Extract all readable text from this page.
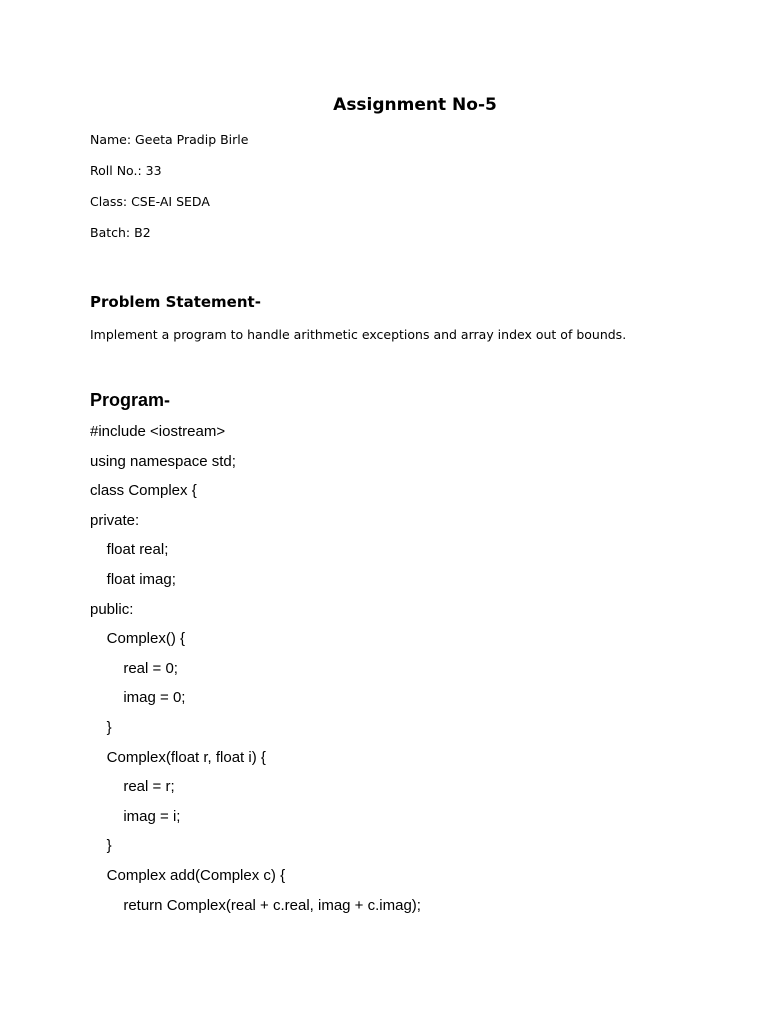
Assignment No-5
Name: Geeta Pradip Birle
Roll No.: 33
Class: CSE-AI SEDA
Batch: B2
Problem Statement-
Implement a program to handle arithmetic exceptions and array index out of bounds.
Program-
#include <iostream>
using namespace std;
class Complex {
private:
float real;
float imag;
public:
Complex() {
real = 0;
imag = 0;
}
Complex(float r, float i) {
real = r;
imag = i;
}
Complex add(Complex c) {
return Complex(real + c.real, imag + c.imag);
